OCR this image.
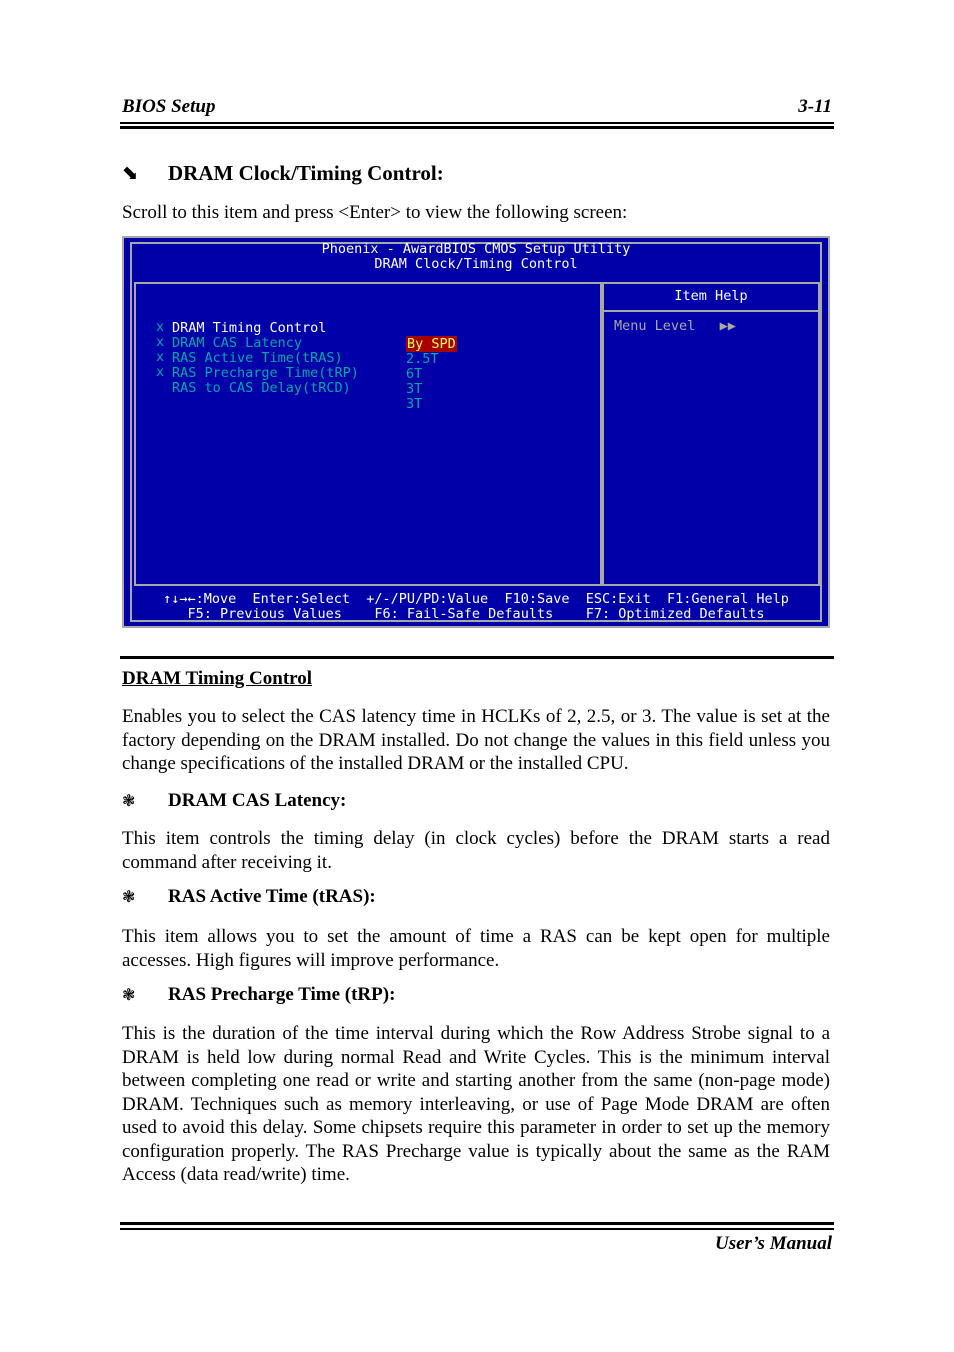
BIOS Setup	3-11
⬊ DRAM Clock/Timing Control:
Scroll to this item and press <Enter> to view the following screen:
Phoenix - AwardBIOS CMOS Setup Utility
DRAM Clock/Timing Control

DRAM Timing Control

By SPD

x

DRAM CAS Latency

2.5T

x

RAS Active Time(tRAS)

6T

x

RAS Precharge Time(tRP)

3T

x

RAS to CAS Delay(tRCD)

3T

Item Help
Menu Level   ▶▶
↑↓→←:Move  Enter:Select  +/-/PU/PD:Value  F10:Save  ESC:Exit  F1:General Help
F5: Previous Values    F6: Fail-Safe Defaults    F7: Optimized Defaults
DRAM Timing Control
Enables you to select the CAS latency time in HCLKs of 2, 2.5, or 3. The value is set at the factory depending on the DRAM installed. Do not change the values in this field unless you change specifications of the installed DRAM or the installed CPU.
❃ DRAM CAS Latency:
This item controls the timing delay (in clock cycles) before the DRAM starts a read command after receiving it.
❃ RAS Active Time (tRAS):
This item allows you to set the amount of time a RAS can be kept open for multiple accesses. High figures will improve performance.
❃ RAS Precharge Time (tRP):
This is the duration of the time interval during which the Row Address Strobe signal to a DRAM is held low during normal Read and Write Cycles. This is the minimum interval between completing one read or write and starting another from the same (non-page mode) DRAM. Techniques such as memory interleaving, or use of Page Mode DRAM are often used to avoid this delay. Some chipsets require this parameter in order to set up the memory configuration properly. The RAS Precharge value is typically about the same as the RAM Access (data read/write) time.
User’s Manual
